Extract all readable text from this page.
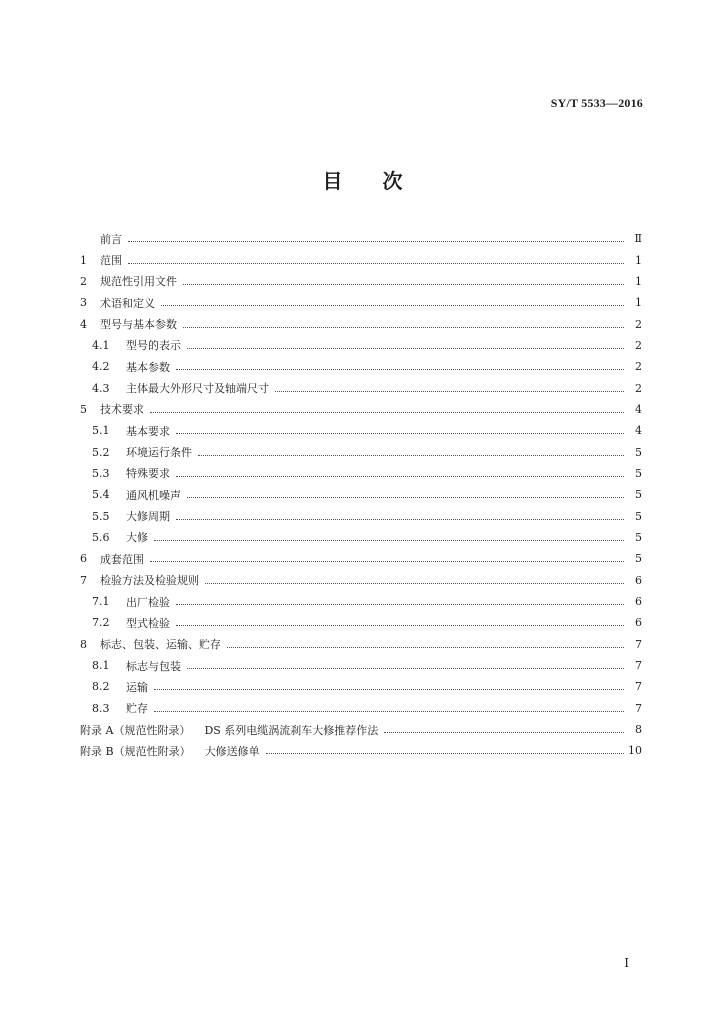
SY/T 5533—2016
目 次
前言	Ⅱ
1	范围	1
2	规范性引用文件	1
3	术语和定义	1
4	型号与基本参数	2
4.1	型号的表示	2
4.2	基本参数	2
4.3	主体最大外形尺寸及轴端尺寸	2
5	技术要求	4
5.1	基本要求	4
5.2	环境运行条件	5
5.3	特殊要求	5
5.4	通风机噪声	5
5.5	大修周期	5
5.6	大修	5
6	成套范围	5
7	检验方法及检验规则	6
7.1	出厂检验	6
7.2	型式检验	6
8	标志、包装、运输、贮存	7
8.1	标志与包装	7
8.2	运输	7
8.3	贮存	7
附录 A（规范性附录） DS 系列电缆涡流刹车大修推荐作法	8
附录 B（规范性附录） 大修送修单	10
I
